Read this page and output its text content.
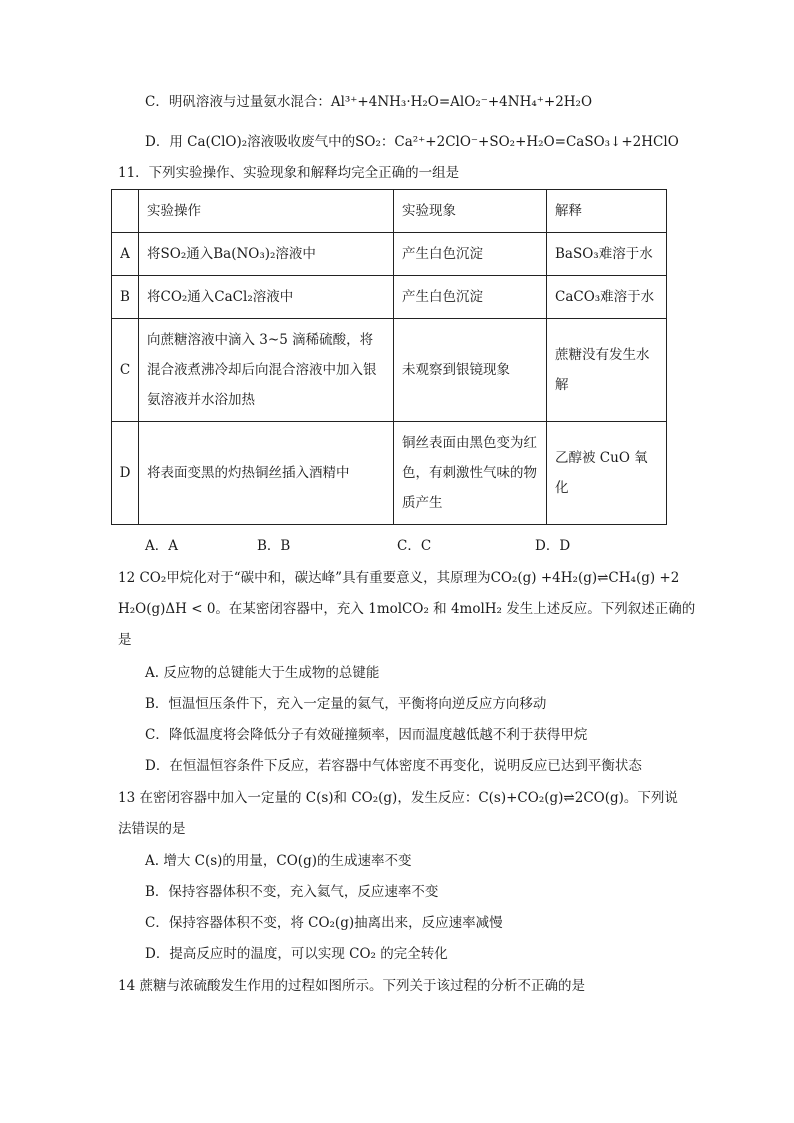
C．明矾溶液与过量氨水混合：Al³⁺+4NH₃·H₂O=AlO₂⁻+4NH₄⁺+2H₂O
D．用 Ca(ClO)₂溶液吸收废气中的SO₂：Ca²⁺+2ClO⁻+SO₂+H₂O=CaSO₃↓+2HClO
11．下列实验操作、实验现象和解释均完全正确的一组是
	实验操作	实验现象	解释
A	将SO₂通入Ba(NO₃)₂溶液中	产生白色沉淀	BaSO₃难溶于水
B	将CO₂通入CaCl₂溶液中	产生白色沉淀	CaCO₃难溶于水
C	向蔗糖溶液中滴入 3~5 滴稀硫酸，将混合液煮沸冷却后向混合溶液中加入银氨溶液并水浴加热	未观察到银镜现象	蔗糖没有发生水解
D	将表面变黑的灼热铜丝插入酒精中	铜丝表面由黑色变为红色，有刺激性气味的物质产生	乙醇被 CuO 氧化
A．A	B．B	C．C	D．D
12 CO₂甲烷化对于“碳中和，碳达峰”具有重要意义，其原理为CO₂(g) +4H₂(g)⇌CH₄(g) +2
H₂O(g)ΔH < 0。在某密闭容器中，充入 1molCO₂ 和 4molH₂ 发生上述反应。下列叙述正确的
是
A. 反应物的总键能大于生成物的总键能
B．恒温恒压条件下，充入一定量的氦气，平衡将向逆反应方向移动
C．降低温度将会降低分子有效碰撞频率，因而温度越低越不利于获得甲烷
D．在恒温恒容条件下反应，若容器中气体密度不再变化，说明反应已达到平衡状态
13 在密闭容器中加入一定量的 C(s)和 CO₂(g)，发生反应：C(s)+CO₂(g)⇌2CO(g)。下列说
法错误的是
A. 增大 C(s)的用量，CO(g)的生成速率不变
B．保持容器体积不变，充入氦气，反应速率不变
C．保持容器体积不变，将 CO₂(g)抽离出来，反应速率减慢
D．提高反应时的温度，可以实现 CO₂ 的完全转化
14 蔗糖与浓硫酸发生作用的过程如图所示。下列关于该过程的分析不正确的是
